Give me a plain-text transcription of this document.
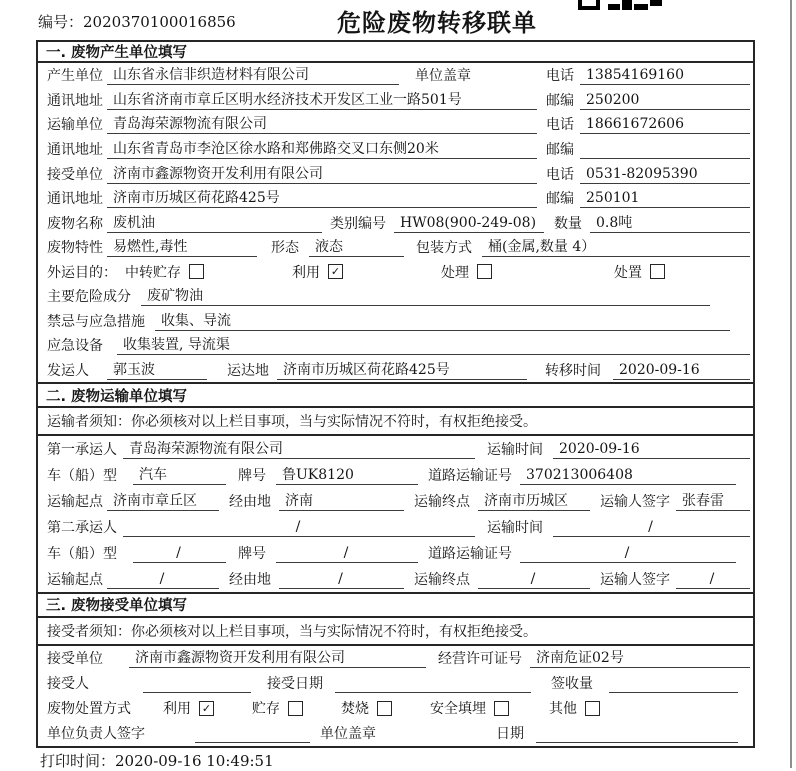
编号：2020370100016856	危险废物转移联单
一. 废物产生单位填写
产生单位 山东省永信非织造材料有限公司	单位盖章	电话 13854169160
通讯地址 山东省济南市章丘区明水经济技术开发区工业一路501号	邮编 250200
运输单位 青岛海荣源物流有限公司	电话 18661672606
通讯地址 山东省青岛市李沧区徐水路和郑佛路交叉口东侧20米	邮编
接受单位 济南市鑫源物资开发利用有限公司	电话 0531-82095390
通讯地址 济南市历城区荷花路425号	邮编 250101
废物名称 废机油	类别编号	HW08(900-249-08)	数量	0.8吨
废物特性 易燃性,毒性	形态	液态	包装方式	桶(金属,数量 4）
外运目的： 中转贮存	利用 ✓	处理	处置
主要危险成分	废矿物油
禁忌与应急措施	收集、导流
应急设备	收集装置, 导流渠
发运人	郭玉波	运达地	济南市历城区荷花路425号	转移时间	2020-09-16
二. 废物运输单位填写
运输者须知：你必须核对以上栏目事项，当与实际情况不符时，有权拒绝接受。
第一承运人 青岛海荣源物流有限公司	运输时间	2020-09-16
车（船）型	汽车	牌号	鲁UK8120	道路运输证号	370213006408
运输起点 济南市章丘区	经由地	济南	运输终点	济南市历城区	运输人签字 张春雷
第二承运人	/	运输时间	/
车（船）型	/	牌号	/	道路运输证号	/
运输起点	/	经由地	/	运输终点	/	运输人签字	/
三. 废物接受单位填写
接受者须知：你必须核对以上栏目事项，当与实际情况不符时，有权拒绝接受。
接受单位	济南市鑫源物资开发利用有限公司	经营许可证号	济南危证02号
接受人	接受日期	签收量
废物处置方式 利用 ✓	贮存	焚烧	安全填埋	其他
单位负责人签字	单位盖章	日期
打印时间：2020-09-16 10:49:51
